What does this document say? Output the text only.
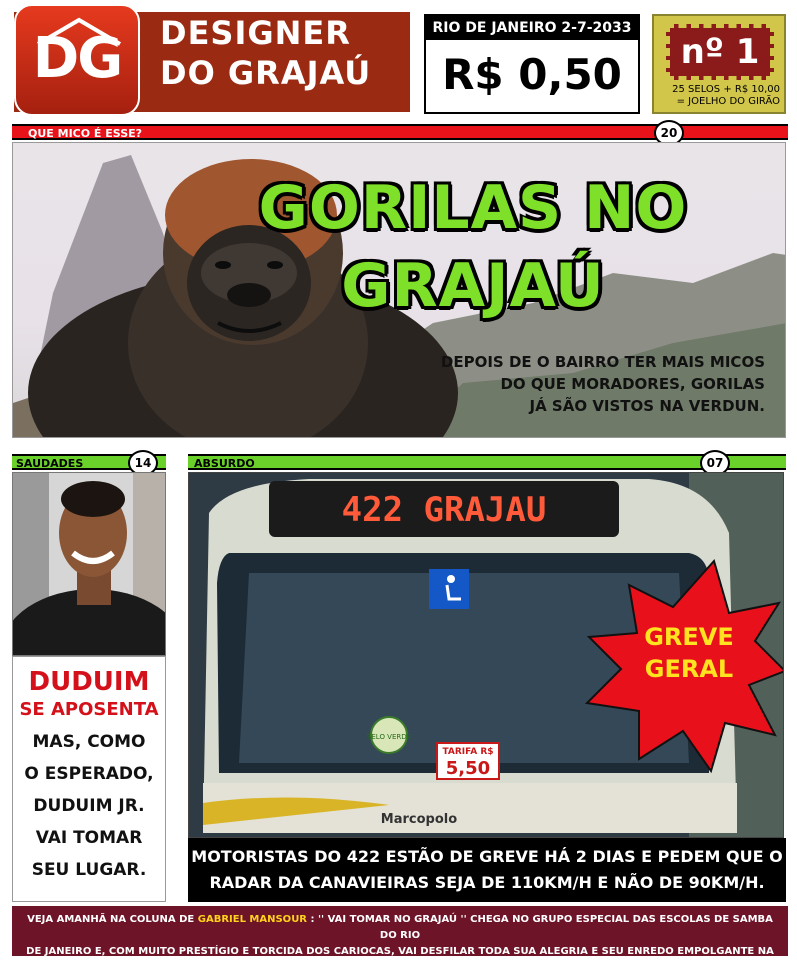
DG	DESIGNER
DO GRAJAÚ
RIO DE JANEIRO 2-7-2033
R$ 0,50	nº 1
25 SELOS + R$ 10,00
= JOELHO DO GIRÃO
QUE MICO É ESSE?	20
GORILAS NO
GRAJAÚ
DEPOIS DE O BAIRRO TER MAIS MICOS
DO QUE MORADORES, GORILAS
JÁ SÃO VISTOS NA VERDUN.
SAUDADES	14
DUDUIM
SE APOSENTA
MAS, COMO
O ESPERADO,
DUDUIM JR.
VAI TOMAR
SEU LUGAR.
ABSURDO	07
422 GRAJAU
SELO VERDE
TARIFA R$
5,50
Marcopolo
GREVE
GERAL
MOTORISTAS DO 422 ESTÃO DE GREVE HÁ 2 DIAS E PEDEM QUE O
RADAR DA CANAVIEIRAS SEJA DE 110KM/H E NÃO DE 90KM/H.
VEJA AMANHÃ NA COLUNA DE GABRIEL MANSOUR : '' VAI TOMAR NO GRAJAÚ '' CHEGA NO GRUPO ESPECIAL DAS ESCOLAS DE SAMBA DO RIO
DE JANEIRO E, COM MUITO PRESTÍGIO E TORCIDA DOS CARIOCAS, VAI DESFILAR TODA SUA ALEGRIA E SEU ENREDO EMPOLGANTE NA SAPUCAÍ.
